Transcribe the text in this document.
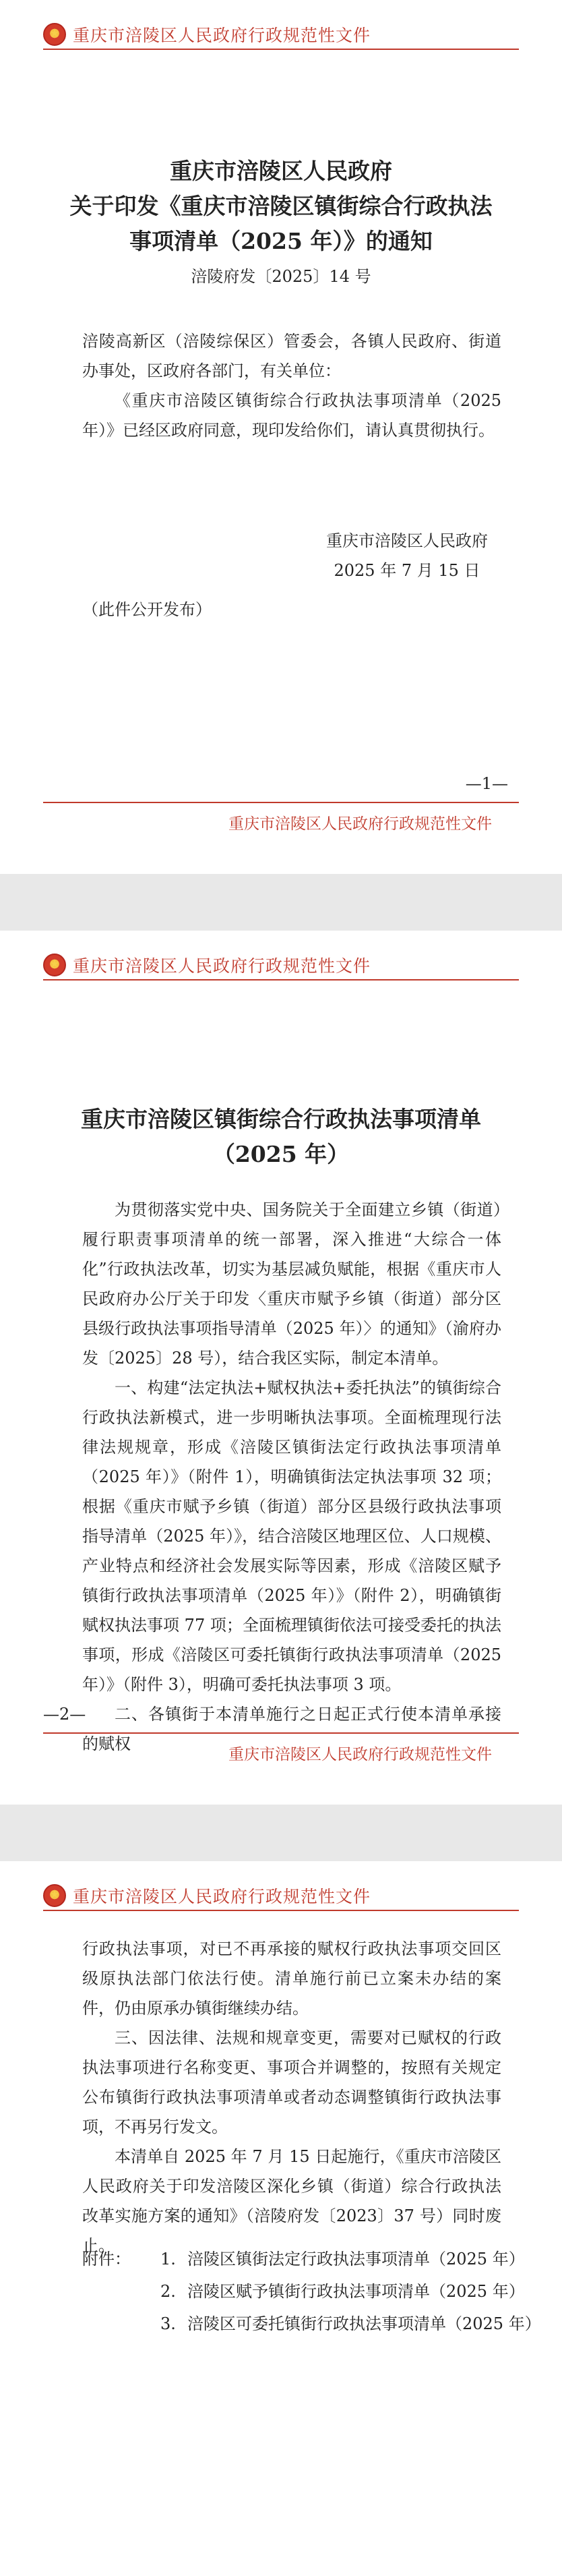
★
重庆市涪陵区人民政府行政规范性文件
重庆市涪陵区人民政府
关于印发《重庆市涪陵区镇街综合行政执法
事项清单（2025 年）》的通知
涪陵府发〔2025〕14 号
涪陵高新区（涪陵综保区）管委会，各镇人民政府、街道办事处，区政府各部门，有关单位：
《重庆市涪陵区镇街综合行政执法事项清单（2025 年）》已经区政府同意，现印发给你们，请认真贯彻执行。
重庆市涪陵区人民政府
2025 年 7 月 15 日
（此件公开发布）
—1—
重庆市涪陵区人民政府行政规范性文件
★
重庆市涪陵区人民政府行政规范性文件
重庆市涪陵区镇街综合行政执法事项清单
（2025 年）
为贯彻落实党中央、国务院关于全面建立乡镇（街道）履行职责事项清单的统一部署，深入推进“大综合一体化”行政执法改革，切实为基层减负赋能，根据《重庆市人民政府办公厅关于印发〈重庆市赋予乡镇（街道）部分区县级行政执法事项指导清单（2025 年）〉的通知》（渝府办发〔2025〕28 号），结合我区实际，制定本清单。
一、构建“法定执法+赋权执法+委托执法”的镇街综合行政执法新模式，进一步明晰执法事项。全面梳理现行法律法规规章，形成《涪陵区镇街法定行政执法事项清单（2025 年）》（附件 1），明确镇街法定执法事项 32 项；根据《重庆市赋予乡镇（街道）部分区县级行政执法事项指导清单（2025 年）》，结合涪陵区地理区位、人口规模、产业特点和经济社会发展实际等因素，形成《涪陵区赋予镇街行政执法事项清单（2025 年）》（附件 2），明确镇街赋权执法事项 77 项；全面梳理镇街依法可接受委托的执法事项，形成《涪陵区可委托镇街行政执法事项清单（2025 年）》（附件 3），明确可委托执法事项 3 项。
二、各镇街于本清单施行之日起正式行使本清单承接的赋权
—2—
重庆市涪陵区人民政府行政规范性文件
★
重庆市涪陵区人民政府行政规范性文件
行政执法事项，对已不再承接的赋权行政执法事项交回区级原执法部门依法行使。清单施行前已立案未办结的案件，仍由原承办镇街继续办结。
三、因法律、法规和规章变更，需要对已赋权的行政执法事项进行名称变更、事项合并调整的，按照有关规定公布镇街行政执法事项清单或者动态调整镇街行政执法事项，不再另行发文。
本清单自 2025 年 7 月 15 日起施行，《重庆市涪陵区人民政府关于印发涪陵区深化乡镇（街道）综合行政执法改革实施方案的通知》（涪陵府发〔2023〕37 号）同时废止。
附件：	1. 涪陵区镇街法定行政执法事项清单（2025 年）
2. 涪陵区赋予镇街行政执法事项清单（2025 年）
3. 涪陵区可委托镇街行政执法事项清单（2025 年）
